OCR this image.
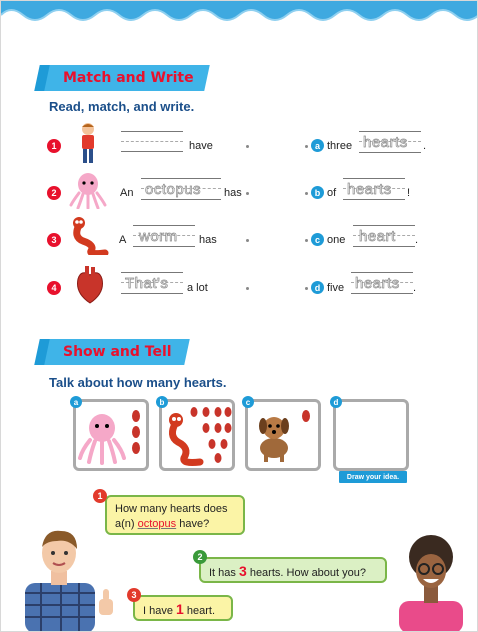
Match and Write
Read, match, and write.
1	have
2	An octopus has
3	A worm has
4	That's a lot
a three hearts .
b of hearts !
c one heart .
d five hearts .
Show and Tell
Talk about how many hearts.
a	b	c	d
Draw your idea.
How many hearts does
a(n) octopus have?
1
It has 3 hearts. How about you?
2
I have 1 heart.
3
